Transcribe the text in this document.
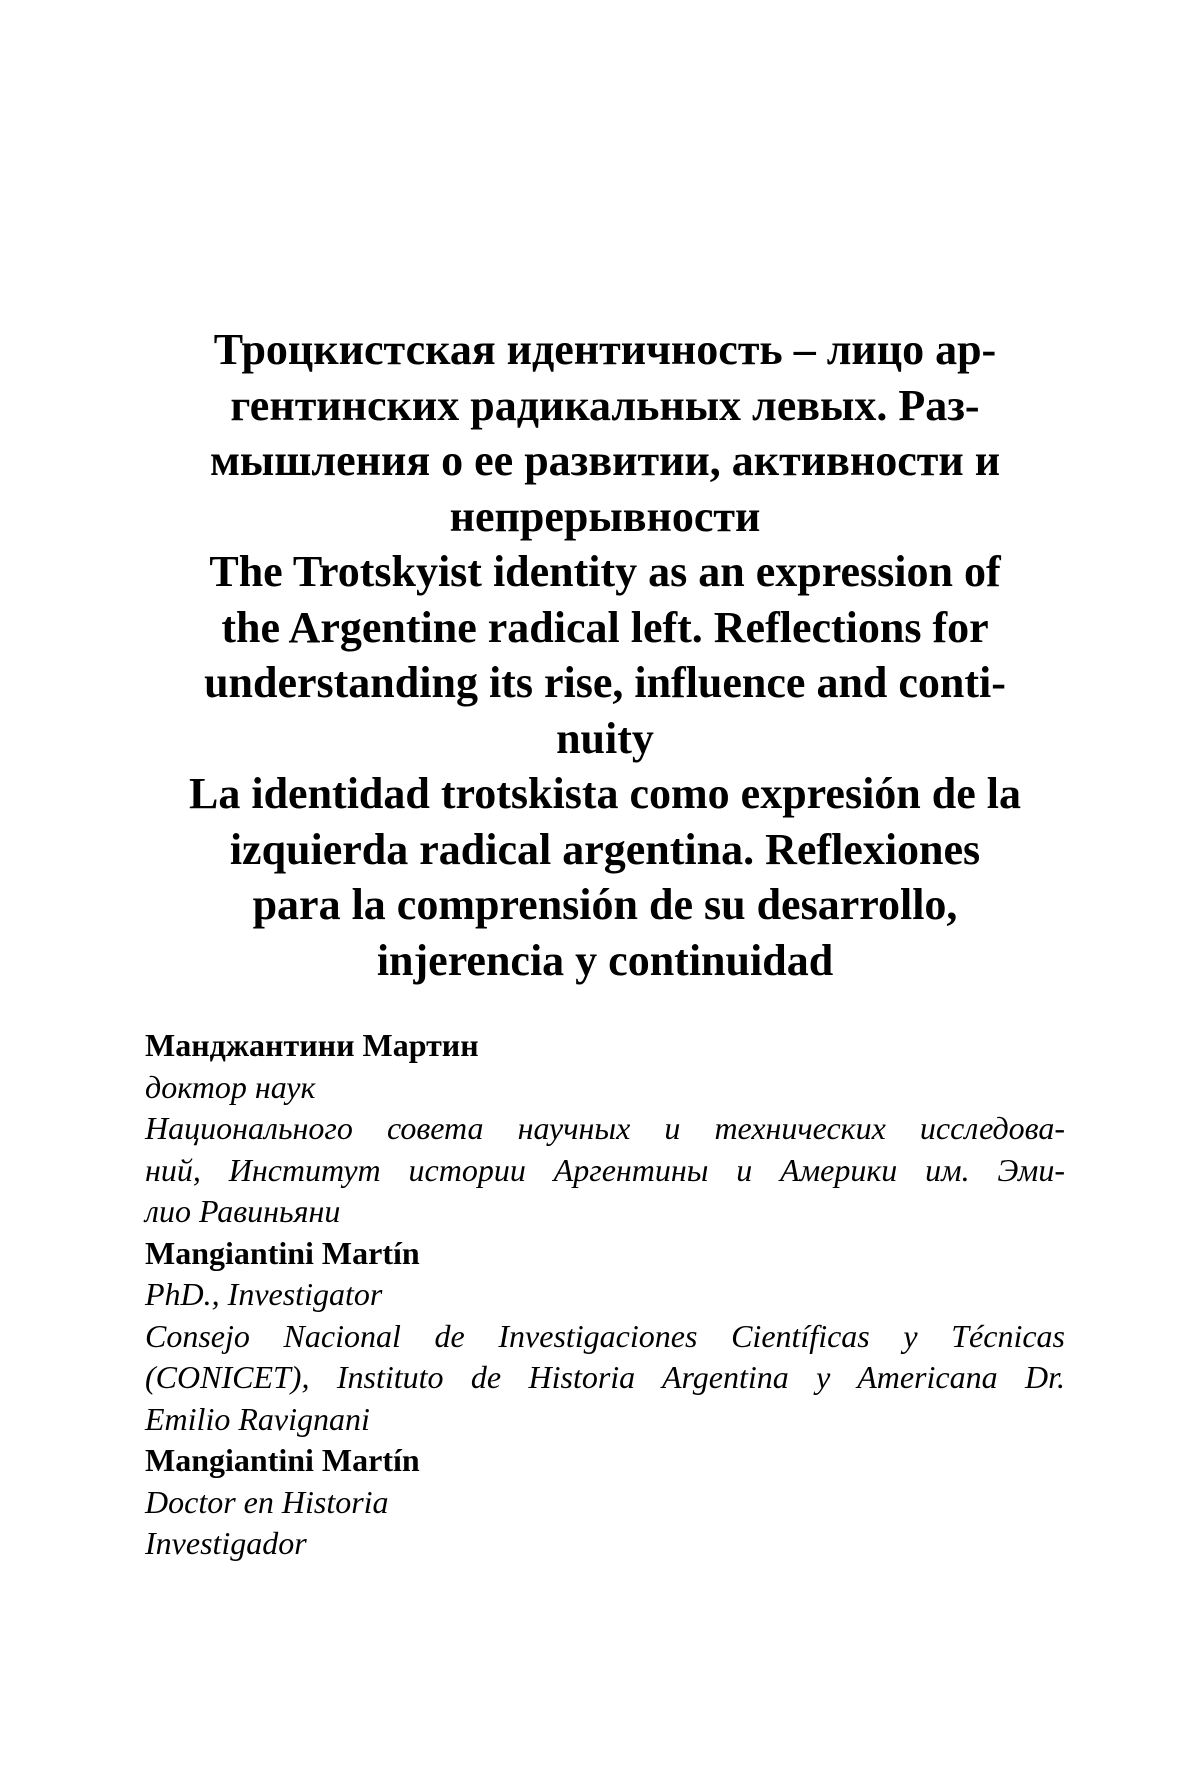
Троцкистская идентичность – лицо ар-
гентинских радикальных левых. Раз-
мышления о ее развитии, активности и
непрерывности
The Trotskyist identity as an expression of
the Argentine radical left. Reflections for
understanding its rise, influence and conti-
nuity
La identidad trotskista como expresión de la
izquierda radical argentina. Reflexiones
para la comprensión de su desarrollo,
injerencia y continuidad
Манджантини Мартин
доктор наук
Национального совета научных и технических исследова-
ний, Институт истории Аргентины и Америки им. Эми-
лио Равиньяни
Mangiantini Martín
PhD., Investigator
Consejo Nacional de Investigaciones Científicas y Técnicas
(CONICET), Instituto de Historia Argentina y Americana Dr.
Emilio Ravignani
Mangiantini Martín
Doctor en Historia
Investigador
